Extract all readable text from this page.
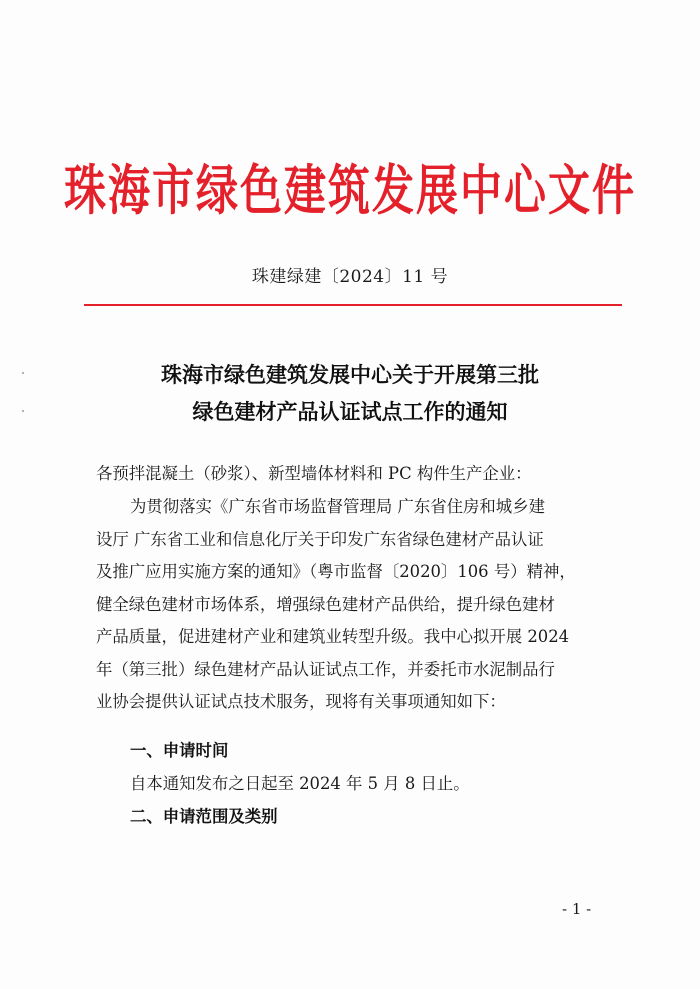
珠海市绿色建筑发展中心文件
珠建绿建〔2024〕11 号
珠海市绿色建筑发展中心关于开展第三批
绿色建材产品认证试点工作的通知
各预拌混凝土（砂浆）、新型墙体材料和 PC 构件生产企业：
为贯彻落实《广东省市场监督管理局 广东省住房和城乡建
设厅 广东省工业和信息化厅关于印发广东省绿色建材产品认证
及推广应用实施方案的通知》（粤市监督〔2020〕106 号）精神，
健全绿色建材市场体系，增强绿色建材产品供给，提升绿色建材
产品质量，促进建材产业和建筑业转型升级。我中心拟开展 2024
年（第三批）绿色建材产品认证试点工作，并委托市水泥制品行
业协会提供认证试点技术服务，现将有关事项通知如下：
一、申请时间
自本通知发布之日起至 2024 年 5 月 8 日止。
二、申请范围及类别
- 1 -
